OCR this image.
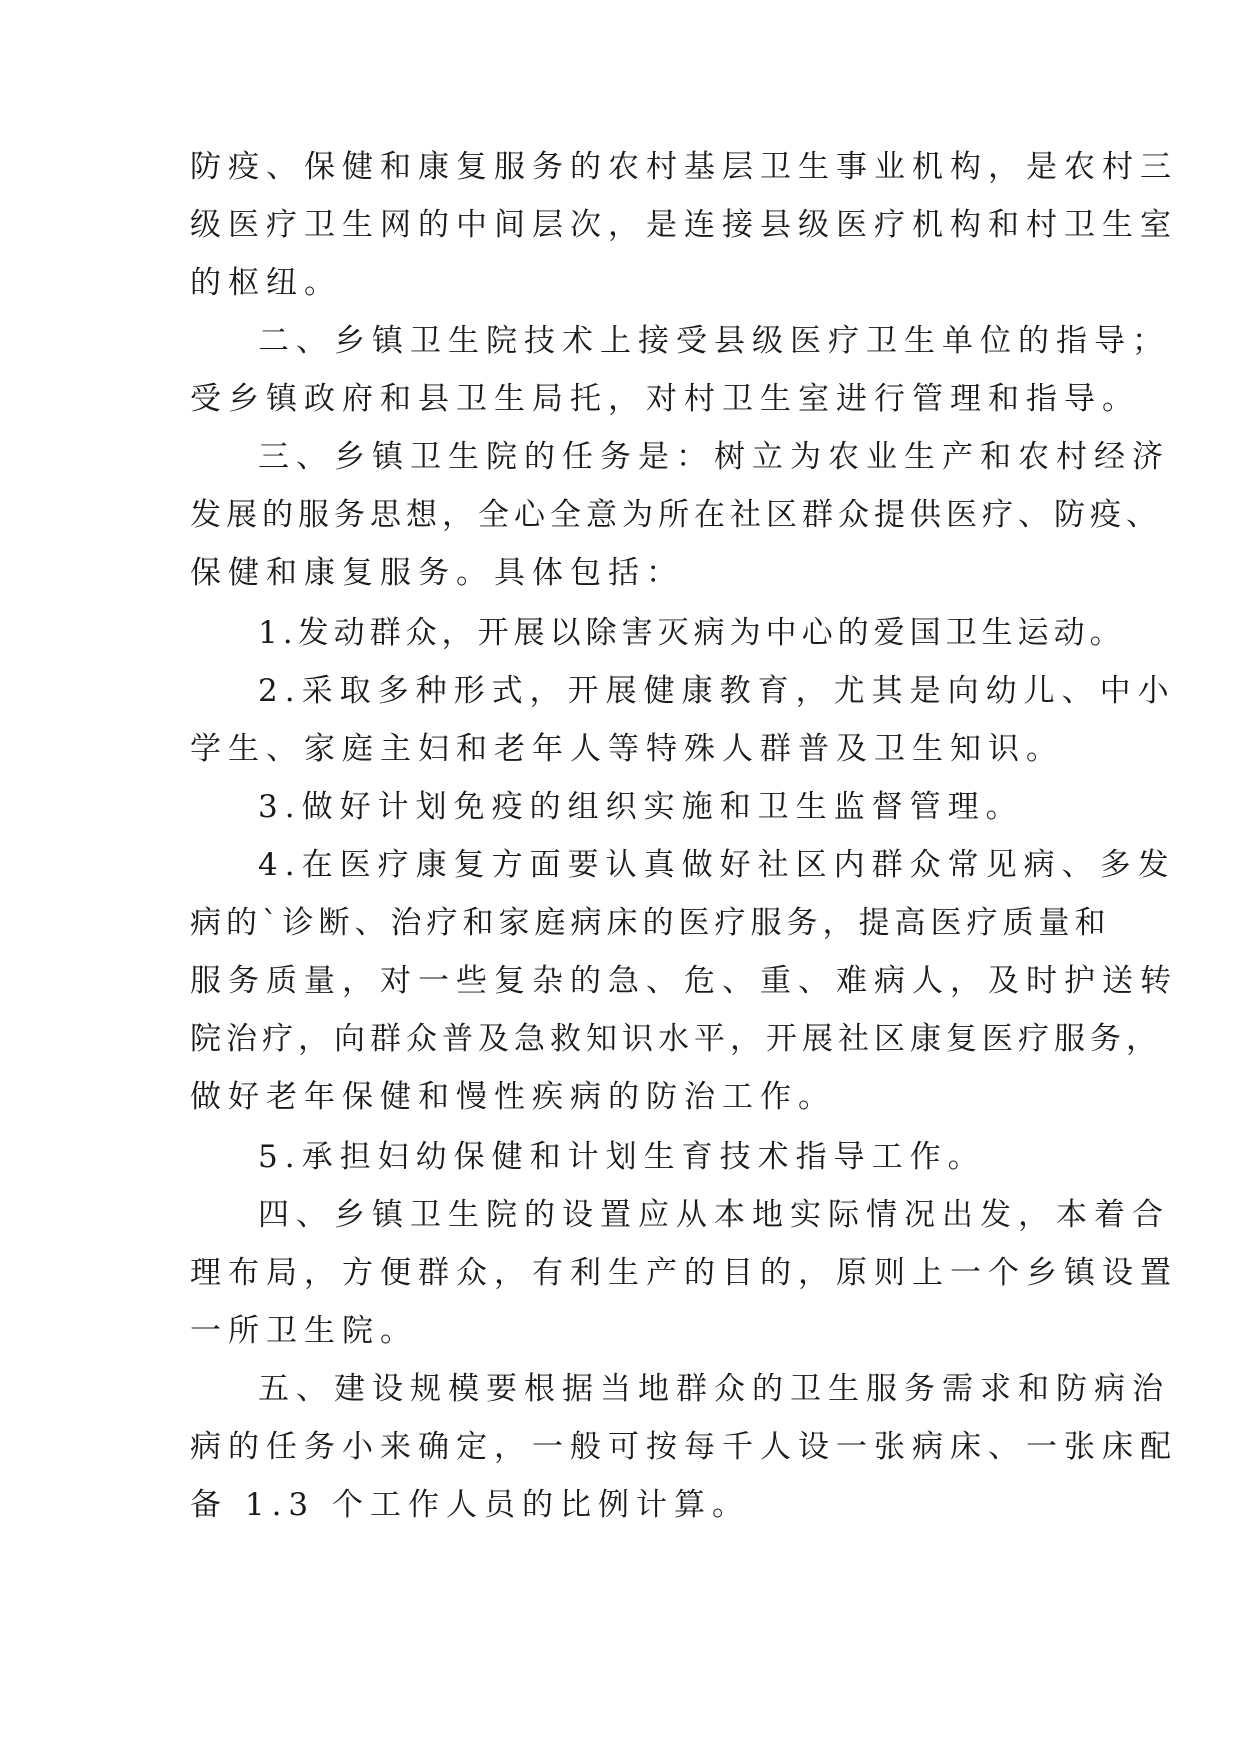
防疫、保健和康复服务的农村基层卫生事业机构，是农村三
级医疗卫生网的中间层次，是连接县级医疗机构和村卫生室
的枢纽。
二、乡镇卫生院技术上接受县级医疗卫生单位的指导；
受乡镇政府和县卫生局托，对村卫生室进行管理和指导。
三、乡镇卫生院的任务是：树立为农业生产和农村经济
发展的服务思想，全心全意为所在社区群众提供医疗、防疫、
保健和康复服务。具体包括：
1.发动群众，开展以除害灭病为中心的爱国卫生运动。
2.采取多种形式，开展健康教育，尤其是向幼儿、中小
学生、家庭主妇和老年人等特殊人群普及卫生知识。
3.做好计划免疫的组织实施和卫生监督管理。
4.在医疗康复方面要认真做好社区内群众常见病、多发
病的`诊断、治疗和家庭病床的医疗服务，提高医疗质量和
服务质量，对一些复杂的急、危、重、难病人，及时护送转
院治疗，向群众普及急救知识水平，开展社区康复医疗服务，
做好老年保健和慢性疾病的防治工作。
5.承担妇幼保健和计划生育技术指导工作。
四、乡镇卫生院的设置应从本地实际情况出发，本着合
理布局，方便群众，有利生产的目的，原则上一个乡镇设置
一所卫生院。
五、建设规模要根据当地群众的卫生服务需求和防病治
病的任务小来确定，一般可按每千人设一张病床、一张床配
备 1.3 个工作人员的比例计算。
